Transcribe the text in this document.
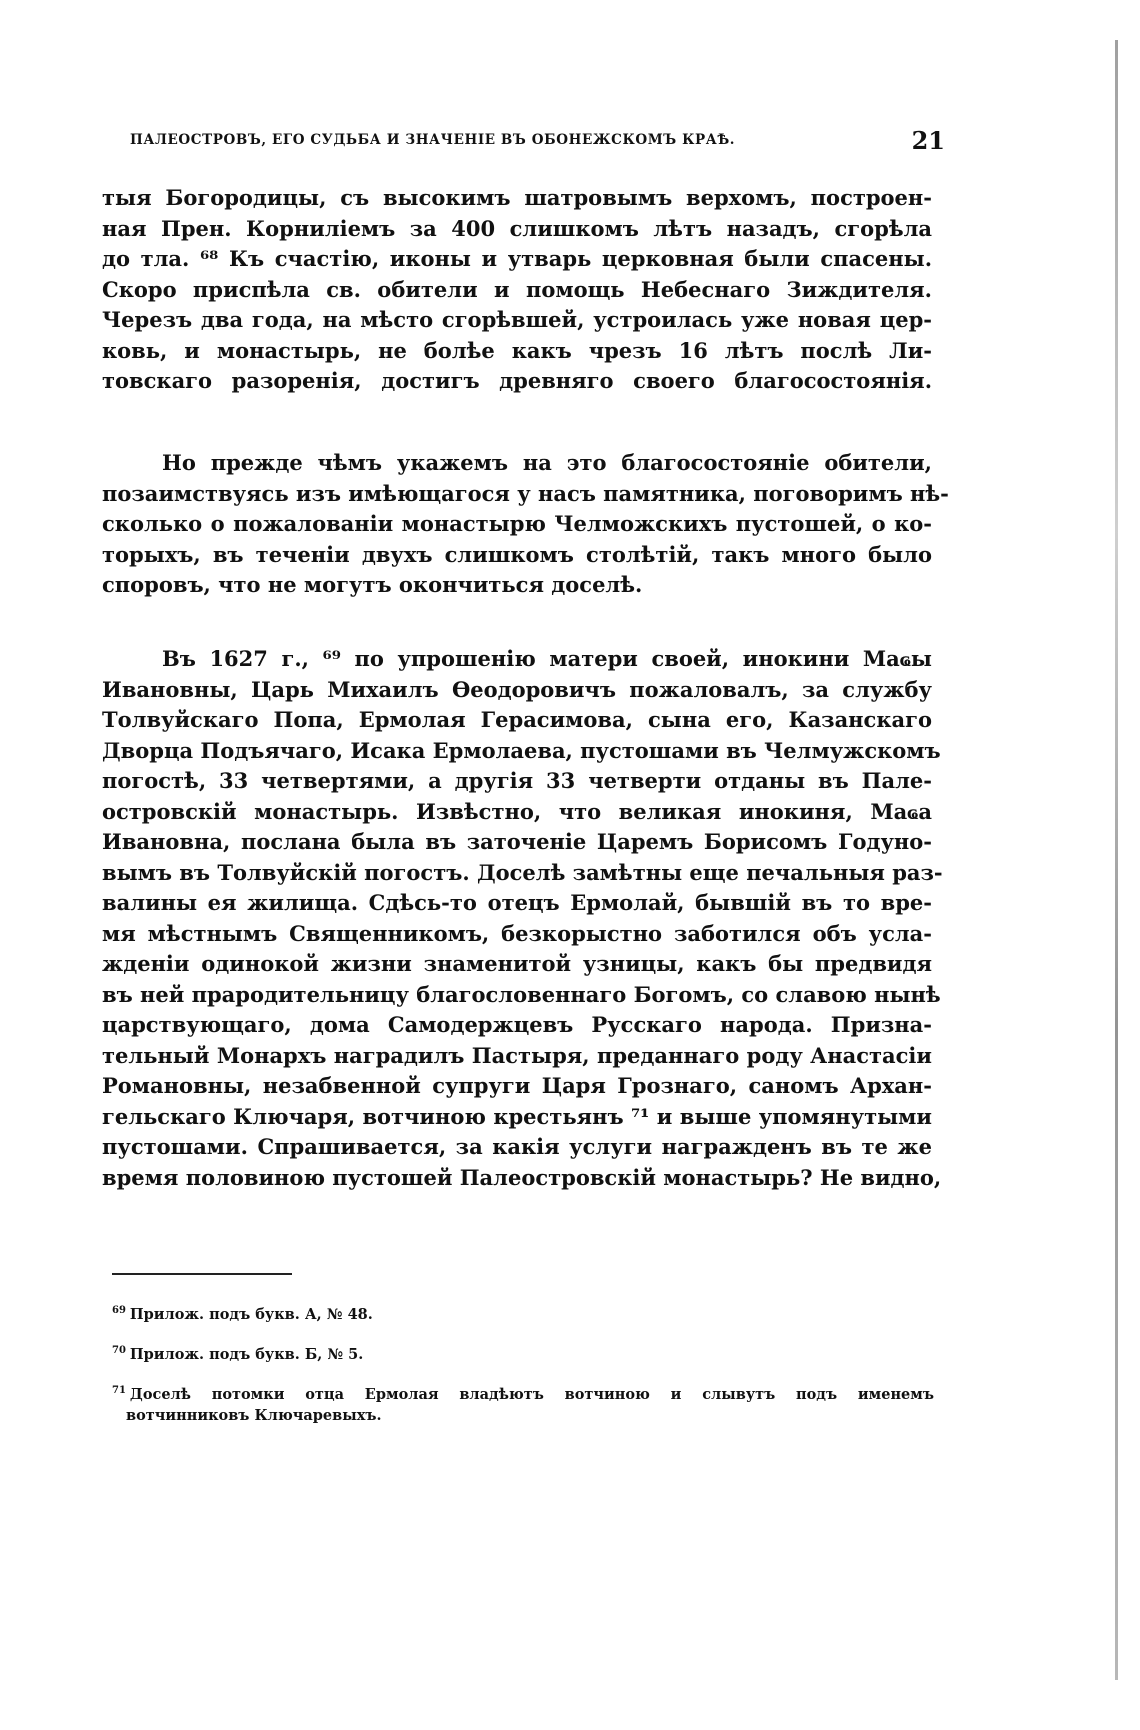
ПАЛЕОСТРОВЪ, ЕГО СУДЬБА И ЗНАЧЕНІЕ ВЪ ОБОНЕЖСКОМЪ КРАѢ.	21
тыя Богородицы, съ высокимъ шатровымъ верхомъ, построен-
ная Прен. Корниліемъ за 400 слишкомъ лѣтъ назадъ, сгорѣла
до тла. ⁶⁸ Къ счастію, иконы и утварь церковная были спасены.
Скоро приспѣла св. обители и помощь Небеснаго Зиждителя.
Черезъ два года, на мѣсто сгорѣвшей, устроилась уже новая цер-
ковь, и монастырь, не болѣе какъ чрезъ 16 лѣтъ послѣ Ли-
товскаго разоренія, достигъ древняго своего благосостоянія.
Но прежде чѣмъ укажемъ на это благосостояніе обители,
позаимствуясь изъ имѣющагося у насъ памятника, поговоримъ нѣ-
сколько о пожалованіи монастырю Челможскихъ пустошей, о ко-
торыхъ, въ теченіи двухъ слишкомъ столѣтій, такъ много было
споровъ, что не могутъ окончиться доселѣ.
Въ 1627 г., ⁶⁹ по упрошенію матери своей, инокини Маҩы
Ивановны, Царь Михаилъ Ѳеодоровичъ пожаловалъ, за службу
Толвуйскаго Попа, Ермолая Герасимова, сына его, Казанскаго
Дворца Подъячаго, Исака Ермолаева, пустошами въ Челмужскомъ
погостѣ, 33 четвертями, а другія 33 четверти отданы въ Пале-
островскій монастырь. Извѣстно, что великая инокиня, Маҩа
Ивановна, послана была въ заточеніе Царемъ Борисомъ Годуно-
вымъ въ Толвуйскій погостъ. Доселѣ замѣтны еще печальныя раз-
валины ея жилища. Сдѣсь-то отецъ Ермолай, бывшій въ то вре-
мя мѣстнымъ Священникомъ, безкорыстно заботился объ усла-
жденіи одинокой жизни знаменитой узницы, какъ бы предвидя
въ ней прародительницу благословеннаго Богомъ, со славою нынѣ
царствующаго, дома Самодержцевъ Русскаго народа. Призна-
тельный Монархъ наградилъ Пастыря, преданнаго роду Анастасіи
Романовны, незабвенной супруги Царя Грознаго, саномъ Архан-
гельскаго Ключаря, вотчиною крестьянъ ⁷¹ и выше упомянутыми
пустошами. Спрашивается, за какія услуги награжденъ въ те же
время половиною пустошей Палеостровскій монастырь? Не видно,
$^{69}$ Прилож. подъ букв. А, № 48.
$^{70}$ Прилож. подъ букв. Б, № 5.
$^{71}$ Доселѣ потомки отца Ермолая владѣютъ вотчиною и слывутъ подъ именемъ
вотчинниковъ Ключаревыхъ.
